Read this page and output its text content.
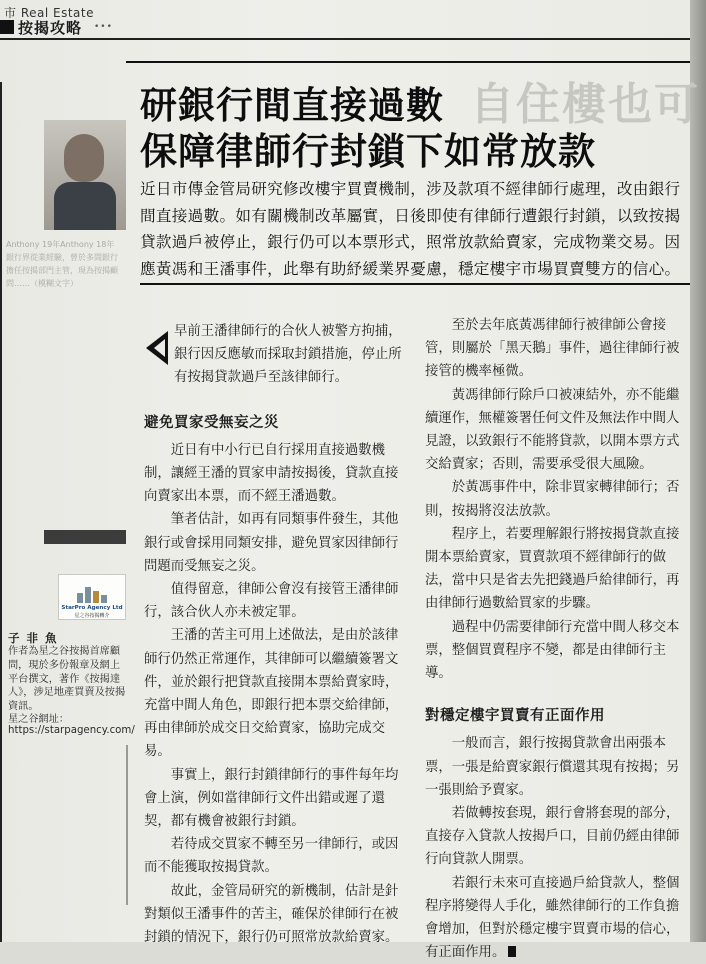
市 Real Estate
按揭攻略 •••
自住樓也可
Anthony 19年Anthony 18年 銀行界從業經驗，曾於多間銀行擔任按揭部門主管，現為按揭顧問……（模糊文字）
研銀行間直接過數
保障律師行封鎖下如常放款

近日市傳金管局研究修改樓宇買賣機制，涉及款項不經律師行處理，改由銀行間直接過數。如有關機制改革屬實，日後即使有律師行遭銀行封鎖，以致按揭貸款過戶被停止，銀行仍可以本票形式，照常放款給賣家，完成物業交易。因應黃馮和王潘事件，此舉有助紓緩業界憂慮，穩定樓宇市場買賣雙方的信心。

早前王潘律師行的合伙人被警方拘捕，銀行因反應敏而採取封鎖措施，停止所有按揭貸款過戶至該律師行。

避免買家受無妄之災

近日有中小行已自行採用直接過數機制，讓經王潘的買家申請按揭後，貸款直接向賣家出本票，而不經王潘過數。

筆者估計，如再有同類事件發生，其他銀行或會採用同類安排，避免買家因律師行問題而受無妄之災。

值得留意，律師公會沒有接管王潘律師行，該合伙人亦未被定罪。

王潘的苦主可用上述做法，是由於該律師行仍然正常運作，其律師可以繼續簽署文件，並於銀行把貸款直接開本票給賣家時，充當中間人角色，即銀行把本票交給律師，再由律師於成交日交給賣家，協助完成交易。

事實上，銀行封鎖律師行的事件每年均會上演，例如當律師行文件出錯或遲了還契，都有機會被銀行封鎖。

若待成交買家不轉至另一律師行，或因而不能獲取按揭貸款。

故此，金管局研究的新機制，估計是針對類似王潘事件的苦主，確保於律師行在被封鎖的情況下，銀行仍可照常放款給賣家。

至於去年底黃馮律師行被律師公會接管，則屬於「黑天鵝」事件，過往律師行被接管的機率極微。

黃馮律師行除戶口被凍結外，亦不能繼續運作，無權簽署任何文件及無法作中間人見證，以致銀行不能將貸款，以開本票方式交給賣家；否則，需要承受很大風險。

於黃馮事件中，除非買家轉律師行；否則，按揭將沒法放款。

程序上，若要理解銀行將按揭貸款直接開本票給賣家，買賣款項不經律師行的做法，當中只是省去先把錢過戶給律師行，再由律師行過數給買家的步驟。

過程中仍需要律師行充當中間人移交本票，整個買賣程序不變，都是由律師行主導。

對穩定樓宇買賣有正面作用

一般而言，銀行按揭貸款會出兩張本票，一張是給賣家銀行償還其現有按揭；另一張則給予賣家。

若做轉按套現，銀行會將套現的部分，直接存入貸款人按揭戶口，目前仍經由律師行向貸款人開票。

若銀行未來可直接過戶給貸款人，整個程序將變得人手化，雖然律師行的工作負擔會增加，但對於穩定樓宇買賣市場的信心，有正面作用。

StarPro Agency Ltd
星之谷按揭轉介
子非魚

作者為星之谷按揭首席顧問，現於多份報章及網上平台撰文，著作《按揭達人》，涉足地產買賣及按揭資訊。

星之谷網址：
https://starpagency.com/
